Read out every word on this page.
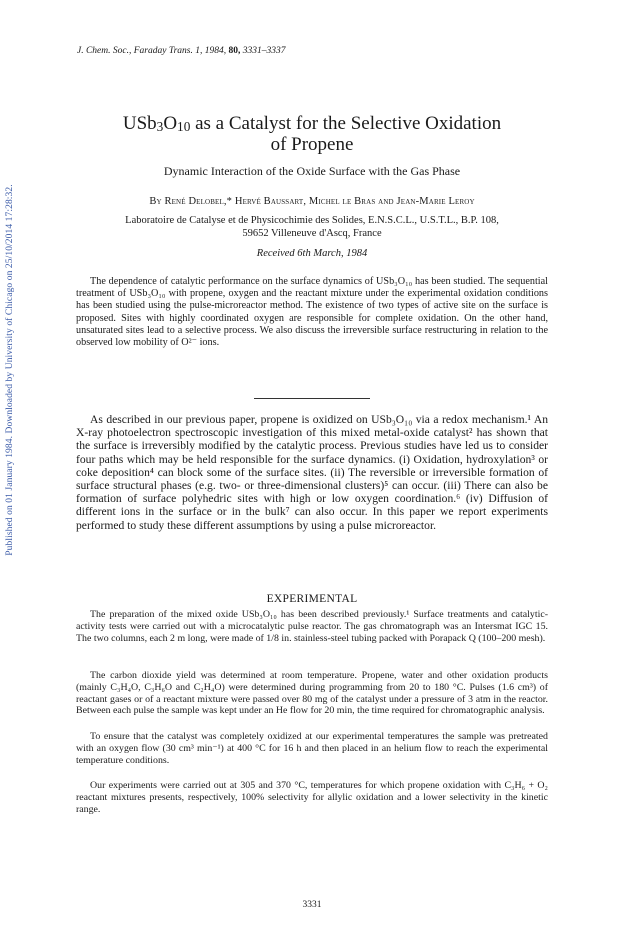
Published on 01 January 1984. Downloaded by University of Chicago on 25/10/2014 17:28:32.
J. Chem. Soc., Faraday Trans. 1, 1984, 80, 3331–3337
$USb_3O_{10}$ as a Catalyst for the Selective Oxidation
of Propene
Dynamic Interaction of the Oxide Surface with the Gas Phase
By René Delobel,* Hervé Baussart, Michel le Bras and Jean-Marie Leroy
Laboratoire de Catalyse et de Physicochimie des Solides, E.N.S.C.L., U.S.T.L., B.P. 108,
59652 Villeneuve d'Ascq, France
Received 6th March, 1984

The dependence of catalytic performance on the surface dynamics of USb₃O₁₀ has been studied. The sequential treatment of USb₃O₁₀ with propene, oxygen and the reactant mixture under the experimental oxidation conditions has been studied using the pulse-microreactor method. The existence of two types of active site on the surface is proposed. Sites with highly coordinated oxygen are responsible for complete oxidation. On the other hand, unsaturated sites lead to a selective process. We also discuss the irreversible surface restructuring in relation to the observed low mobility of O²⁻ ions.

As described in our previous paper, propene is oxidized on USb₃O₁₀ via a redox mechanism.¹ An X-ray photoelectron spectroscopic investigation of this mixed metal-oxide catalyst² has shown that the surface is irreversibly modified by the catalytic process. Previous studies have led us to consider four paths which may be held responsible for the surface dynamics. (i) Oxidation, hydroxylation³ or coke deposition⁴ can block some of the surface sites. (ii) The reversible or irreversible formation of surface structural phases (e.g. two- or three-dimensional clusters)⁵ can occur. (iii) There can also be formation of surface polyhedric sites with high or low oxygen coordination.⁶ (iv) Diffusion of different ions in the surface or in the bulk⁷ can also occur. In this paper we report experiments performed to study these different assumptions by using a pulse microreactor.

EXPERIMENTAL

The preparation of the mixed oxide USb₃O₁₀ has been described previously.¹ Surface treatments and catalytic-activity tests were carried out with a microcatalytic pulse reactor. The gas chromatograph was an Intersmat IGC 15. The two columns, each 2 m long, were made of 1/8 in. stainless-steel tubing packed with Porapack Q (100–200 mesh).

The carbon dioxide yield was determined at room temperature. Propene, water and other oxidation products (mainly C₃H₄O, C₃H₆O and C₂H₄O) were determined during programming from 20 to 180 °C. Pulses (1.6 cm³) of reactant gases or of a reactant mixture were passed over 80 mg of the catalyst under a pressure of 3 atm in the reactor. Between each pulse the sample was kept under an He flow for 20 min, the time required for chromatographic analysis.

To ensure that the catalyst was completely oxidized at our experimental temperatures the sample was pretreated with an oxygen flow (30 cm³ min⁻¹) at 400 °C for 16 h and then placed in an helium flow to reach the experimental temperature conditions.

Our experiments were carried out at 305 and 370 °C, temperatures for which propene oxidation with C₃H₆ + O₂ reactant mixtures presents, respectively, 100% selectivity for allylic oxidation and a lower selectivity in the kinetic range.

3331
